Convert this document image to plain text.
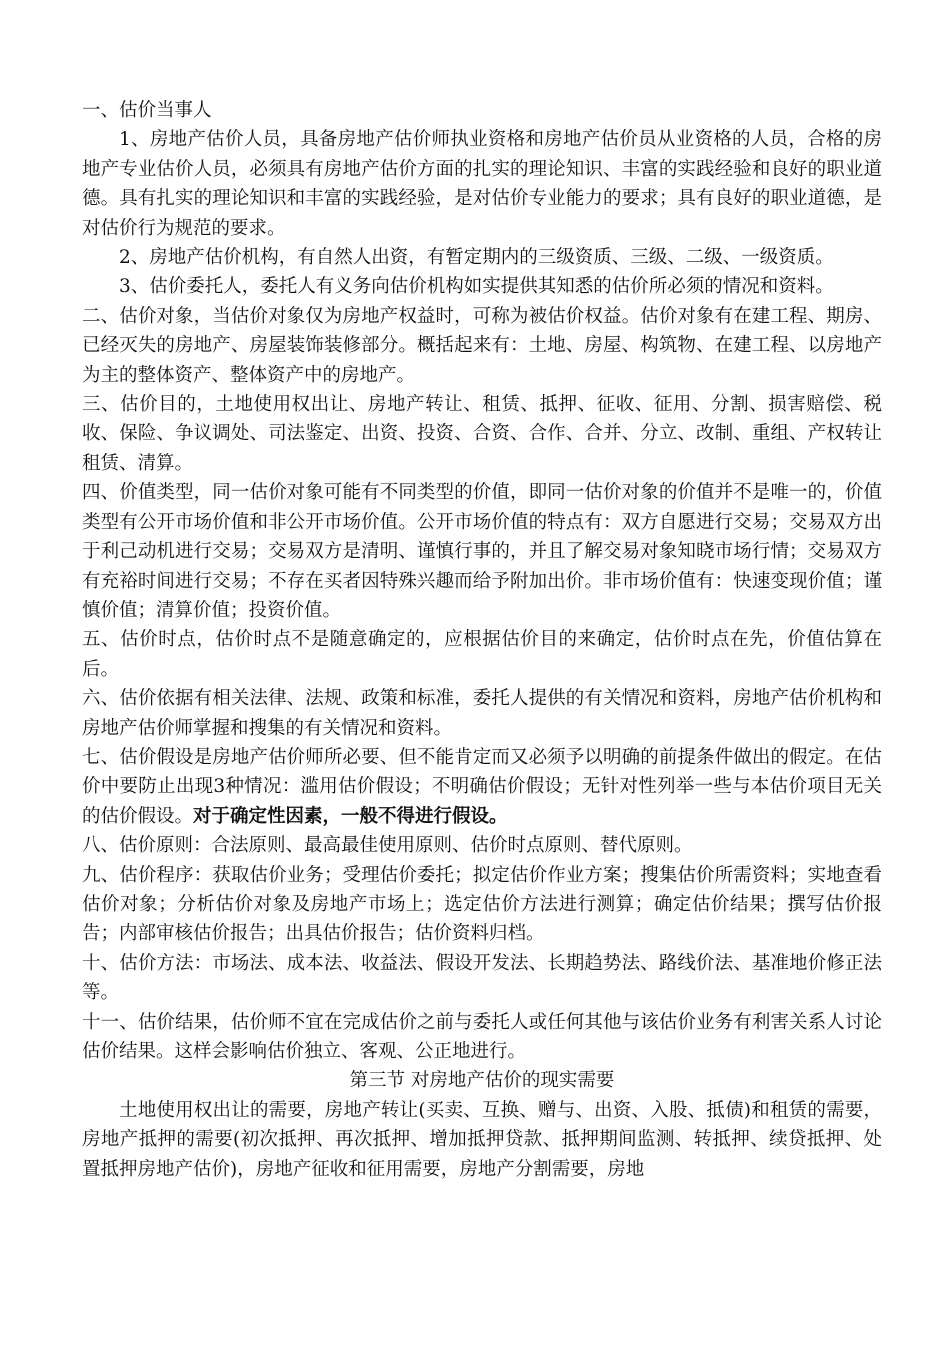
一、估价当事人

1、房地产估价人员，具备房地产估价师执业资格和房地产估价员从业资格的人员，合格的房地产专业估价人员，必须具有房地产估价方面的扎实的理论知识、丰富的实践经验和良好的职业道德。具有扎实的理论知识和丰富的实践经验，是对估价专业能力的要求；具有良好的职业道德，是对估价行为规范的要求。

2、房地产估价机构，有自然人出资，有暂定期内的三级资质、三级、二级、一级资质。

3、估价委托人，委托人有义务向估价机构如实提供其知悉的估价所必须的情况和资料。

二、估价对象，当估价对象仅为房地产权益时，可称为被估价权益。估价对象有在建工程、期房、已经灭失的房地产、房屋装饰装修部分。概括起来有：土地、房屋、构筑物、在建工程、以房地产为主的整体资产、整体资产中的房地产。

三、估价目的，土地使用权出让、房地产转让、租赁、抵押、征收、征用、分割、损害赔偿、税收、保险、争议调处、司法鉴定、出资、投资、合资、合作、合并、分立、改制、重组、产权转让租赁、清算。

四、价值类型，同一估价对象可能有不同类型的价值，即同一估价对象的价值并不是唯一的，价值类型有公开市场价值和非公开市场价值。公开市场价值的特点有：双方自愿进行交易；交易双方出于利己动机进行交易；交易双方是清明、谨慎行事的，并且了解交易对象知晓市场行情；交易双方有充裕时间进行交易；不存在买者因特殊兴趣而给予附加出价。非市场价值有：快速变现价值；谨慎价值；清算价值；投资价值。

五、估价时点，估价时点不是随意确定的，应根据估价目的来确定，估价时点在先，价值估算在后。

六、估价依据有相关法律、法规、政策和标准，委托人提供的有关情况和资料，房地产估价机构和房地产估价师掌握和搜集的有关情况和资料。

七、估价假设是房地产估价师所必要、但不能肯定而又必须予以明确的前提条件做出的假定。在估价中要防止出现3种情况：滥用估价假设；不明确估价假设；无针对性列举一些与本估价项目无关的估价假设。对于确定性因素，一般不得进行假设。

八、估价原则：合法原则、最高最佳使用原则、估价时点原则、替代原则。

九、估价程序：获取估价业务；受理估价委托；拟定估价作业方案；搜集估价所需资料；实地查看估价对象；分析估价对象及房地产市场上；选定估价方法进行测算；确定估价结果；撰写估价报告；内部审核估价报告；出具估价报告；估价资料归档。

十、估价方法：市场法、成本法、收益法、假设开发法、长期趋势法、路线价法、基准地价修正法等。

十一、估价结果，估价师不宜在完成估价之前与委托人或任何其他与该估价业务有利害关系人讨论估价结果。这样会影响估价独立、客观、公正地进行。

第三节 对房地产估价的现实需要

土地使用权出让的需要，房地产转让(买卖、互换、赠与、出资、入股、抵债)和租赁的需要， 房地产抵押的需要(初次抵押、再次抵押、增加抵押贷款、抵押期间监测、转抵押、续贷抵押、处置抵押房地产估价)，房地产征收和征用需要，房地产分割需要，房地
